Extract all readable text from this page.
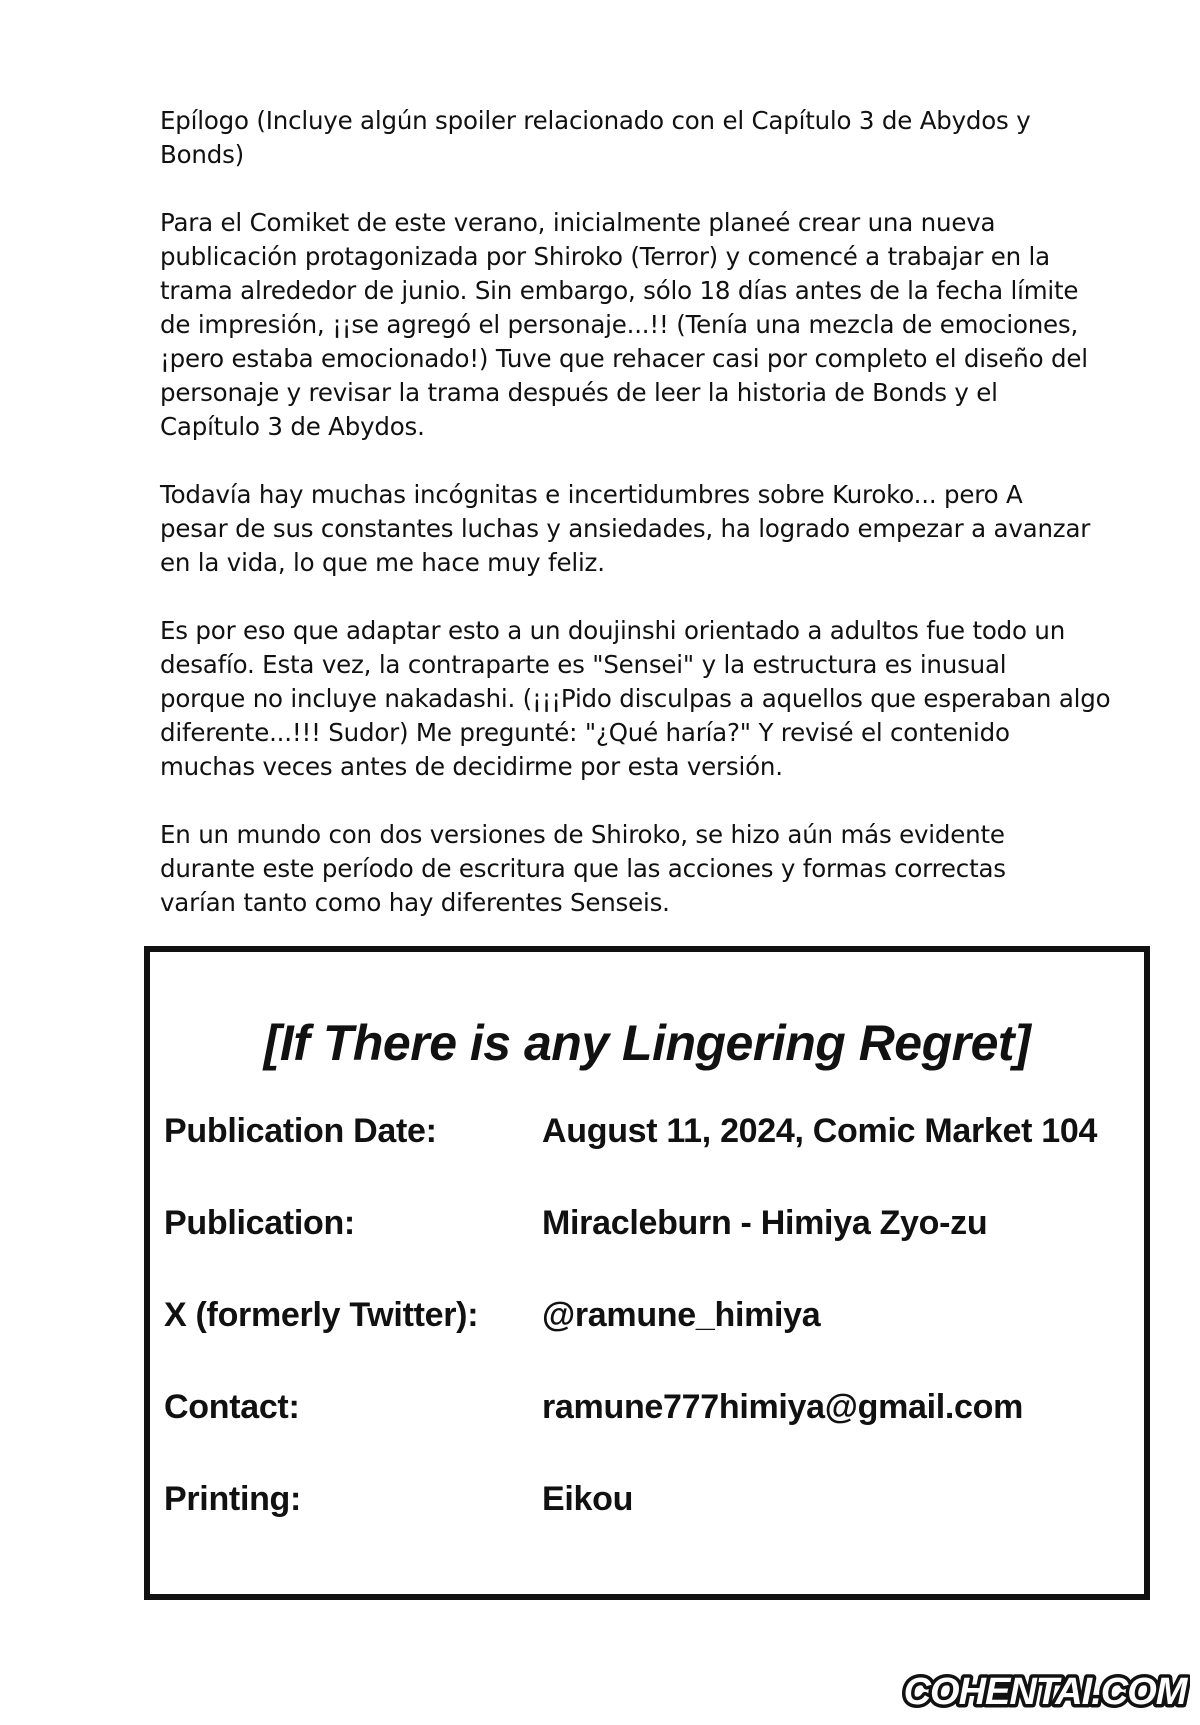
Epílogo (Incluye algún spoiler relacionado con el Capítulo 3 de Abydos y
Bonds)

Para el Comiket de este verano, inicialmente planeé crear una nueva
publicación protagonizada por Shiroko (Terror) y comencé a trabajar en la
trama alrededor de junio. Sin embargo, sólo 18 días antes de la fecha límite
de impresión, ¡¡se agregó el personaje...!! (Tenía una mezcla de emociones,
¡pero estaba emocionado!) Tuve que rehacer casi por completo el diseño del
personaje y revisar la trama después de leer la historia de Bonds y el
Capítulo 3 de Abydos.

Todavía hay muchas incógnitas e incertidumbres sobre Kuroko... pero A
pesar de sus constantes luchas y ansiedades, ha logrado empezar a avanzar
en la vida, lo que me hace muy feliz.

Es por eso que adaptar esto a un doujinshi orientado a adultos fue todo un
desafío. Esta vez, la contraparte es "Sensei" y la estructura es inusual
porque no incluye nakadashi. (¡¡¡Pido disculpas a aquellos que esperaban algo
diferente...!!! Sudor) Me pregunté: "¿Qué haría?" Y revisé el contenido
muchas veces antes de decidirme por esta versión.

En un mundo con dos versiones de Shiroko, se hizo aún más evidente
durante este período de escritura que las acciones y formas correctas
varían tanto como hay diferentes Senseis.

[If There is any Lingering Regret]
Publication Date:	August 11, 2024, Comic Market 104
Publication:	Miracleburn - Himiya Zyo-zu
X (formerly Twitter): @ramune_himiya
Contact:	ramune777himiya@gmail.com
Printing:	Eikou
COHENTAI.COM
